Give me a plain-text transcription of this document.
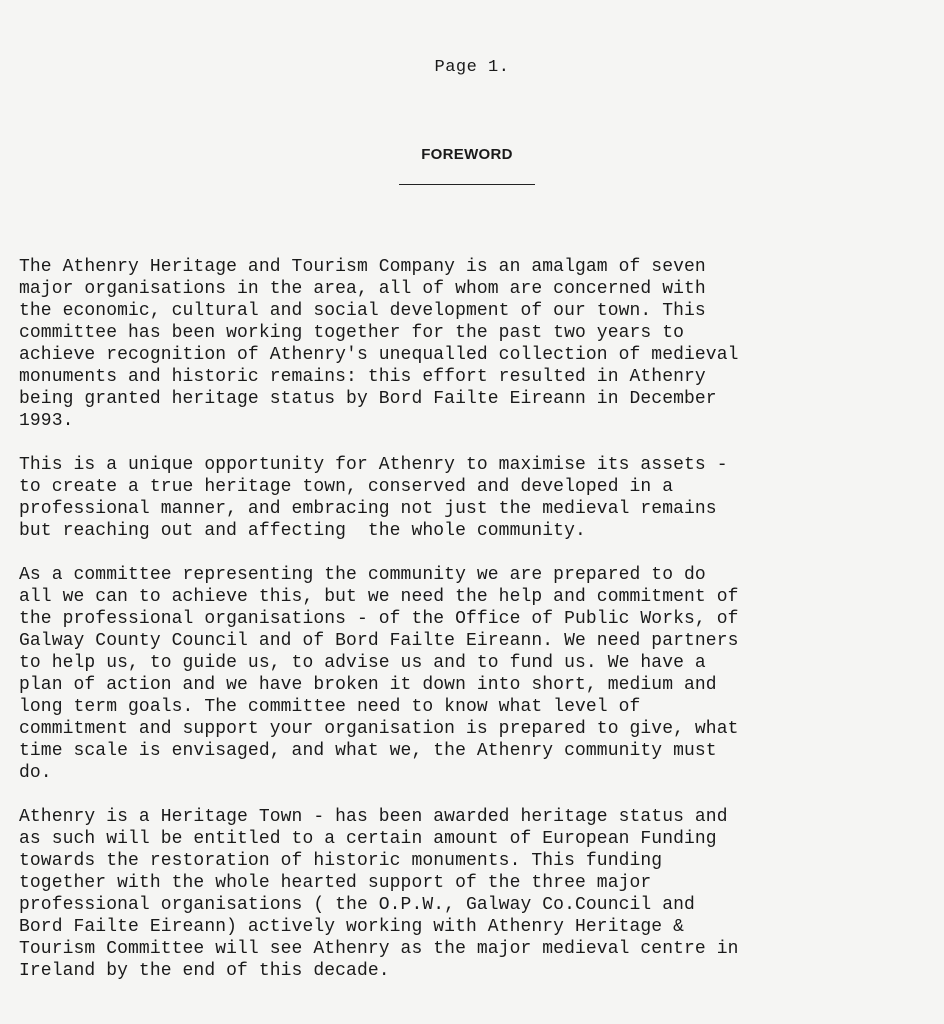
Page 1.
FOREWORD

The Athenry Heritage and Tourism Company is an amalgam of seven
major organisations in the area, all of whom are concerned with
the economic, cultural and social development of our town. This
committee has been working together for the past two years to
achieve recognition of Athenry's unequalled collection of medieval
monuments and historic remains: this effort resulted in Athenry
being granted heritage status by Bord Failte Eireann in December
1993.

This is a unique opportunity for Athenry to maximise its assets -
to create a true heritage town, conserved and developed in a
professional manner, and embracing not just the medieval remains
but reaching out and affecting  the whole community.

As a committee representing the community we are prepared to do
all we can to achieve this, but we need the help and commitment of
the professional organisations - of the Office of Public Works, of
Galway County Council and of Bord Failte Eireann. We need partners
to help us, to guide us, to advise us and to fund us. We have a
plan of action and we have broken it down into short, medium and
long term goals. The committee need to know what level of
commitment and support your organisation is prepared to give, what
time scale is envisaged, and what we, the Athenry community must
do.

Athenry is a Heritage Town - has been awarded heritage status and
as such will be entitled to a certain amount of European Funding
towards the restoration of historic monuments. This funding
together with the whole hearted support of the three major
professional organisations ( the O.P.W., Galway Co.Council and
Bord Failte Eireann) actively working with Athenry Heritage &
Tourism Committee will see Athenry as the major medieval centre in
Ireland by the end of this decade.
